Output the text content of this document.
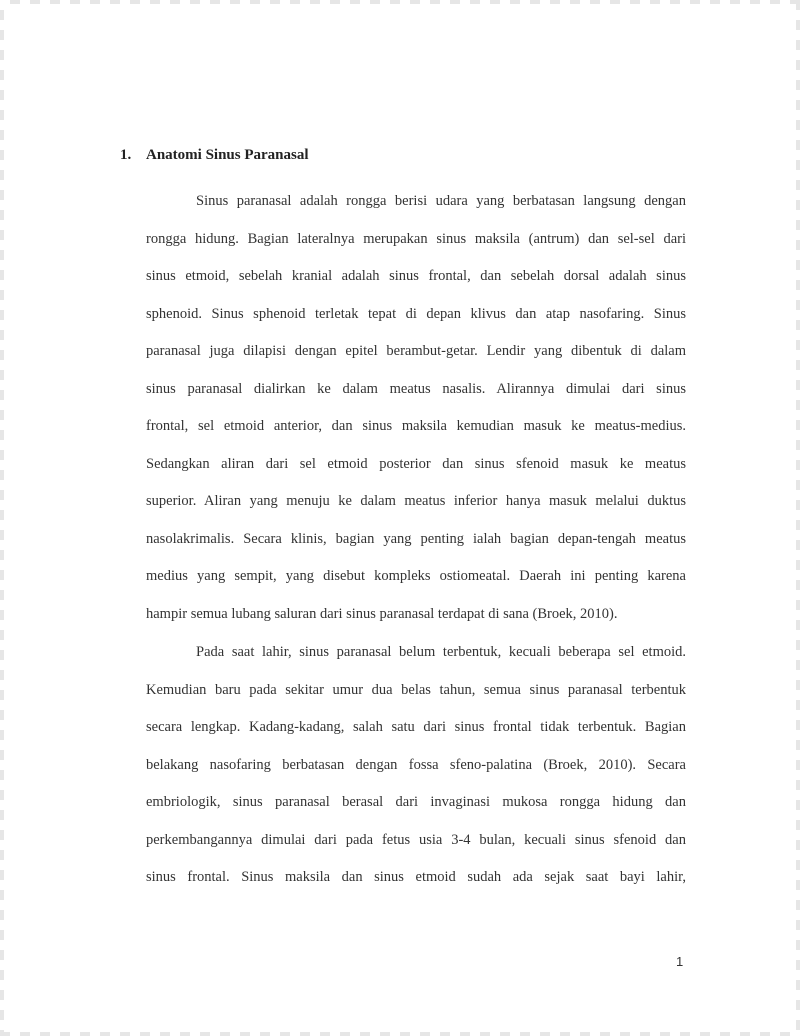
1. Anatomi Sinus Paranasal
Sinus paranasal adalah rongga berisi udara yang berbatasan langsung dengan
rongga hidung. Bagian lateralnya merupakan sinus maksila (antrum) dan sel-sel dari
sinus etmoid, sebelah kranial adalah sinus frontal, dan sebelah dorsal adalah sinus
sphenoid. Sinus sphenoid terletak tepat di depan klivus dan atap nasofaring. Sinus
paranasal juga dilapisi dengan epitel berambut-getar. Lendir yang dibentuk di dalam
sinus paranasal dialirkan ke dalam meatus nasalis. Alirannya dimulai dari sinus
frontal, sel etmoid anterior, dan sinus maksila kemudian masuk ke meatus-medius.
Sedangkan aliran dari sel etmoid posterior dan sinus sfenoid masuk ke meatus
superior. Aliran yang menuju ke dalam meatus inferior hanya masuk melalui duktus
nasolakrimalis. Secara klinis, bagian yang penting ialah bagian depan-tengah meatus
medius yang sempit, yang disebut kompleks ostiomeatal. Daerah ini penting karena
hampir semua lubang saluran dari sinus paranasal terdapat di sana (Broek, 2010).
Pada saat lahir, sinus paranasal belum terbentuk, kecuali beberapa sel etmoid.
Kemudian baru pada sekitar umur dua belas tahun, semua sinus paranasal terbentuk
secara lengkap. Kadang-kadang, salah satu dari sinus frontal tidak terbentuk. Bagian
belakang nasofaring berbatasan dengan fossa sfeno-palatina (Broek, 2010). Secara
embriologik, sinus paranasal berasal dari invaginasi mukosa rongga hidung dan
perkembangannya dimulai dari pada fetus usia 3-4 bulan, kecuali sinus sfenoid dan
sinus frontal. Sinus maksila dan sinus etmoid sudah ada sejak saat bayi lahir,
1
